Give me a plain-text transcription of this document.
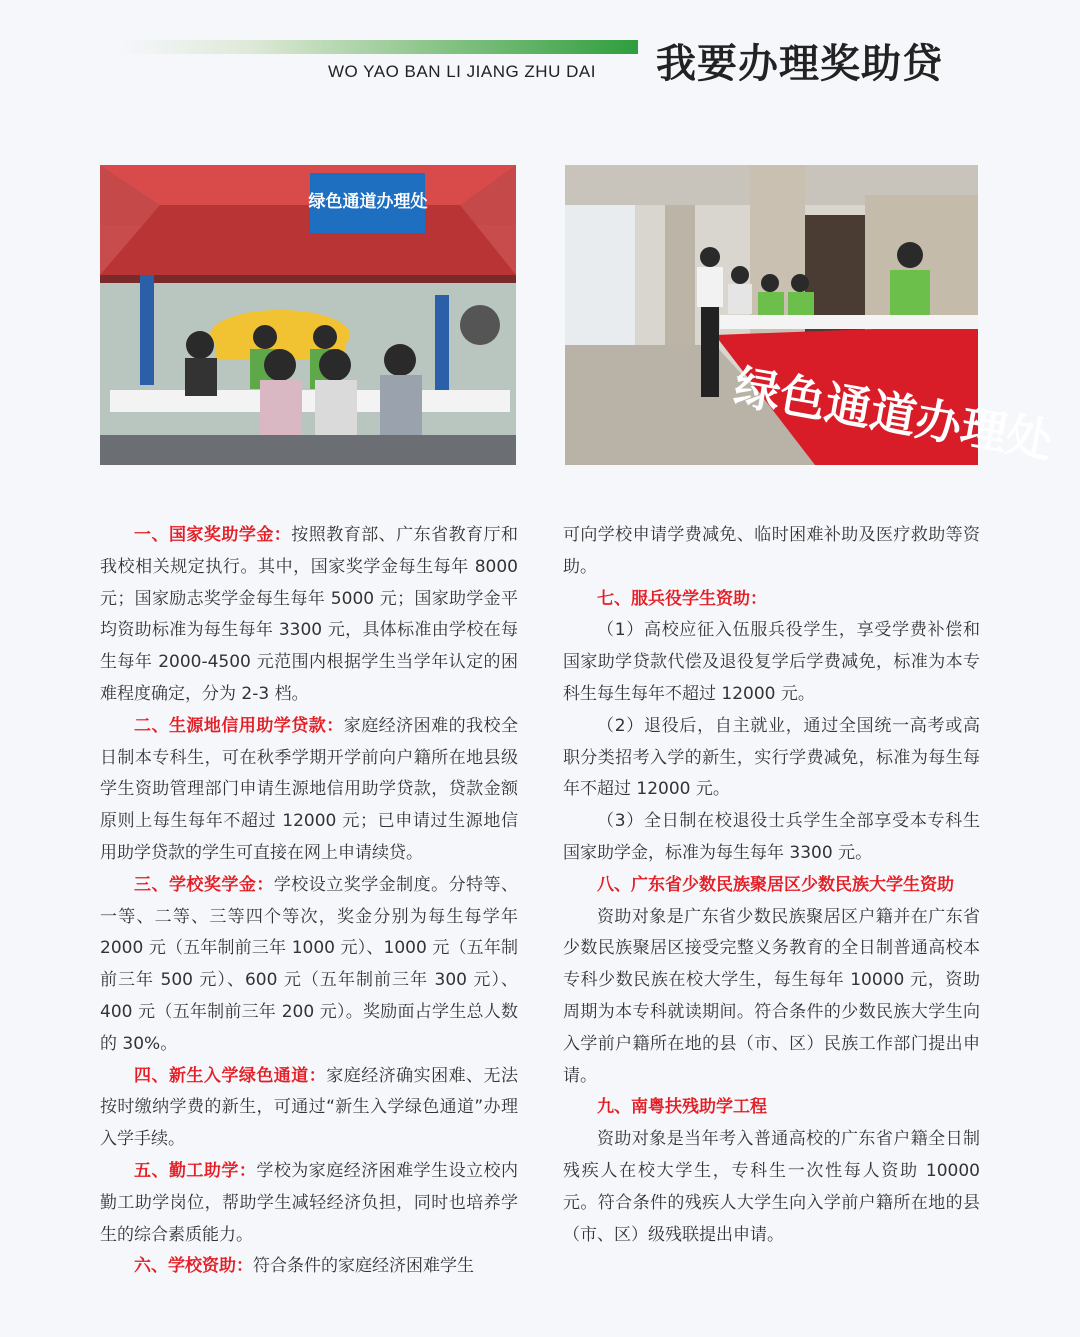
WO YAO BAN LI JIANG ZHU DAI 我要办理奖助贷
绿色通道办理处
绿色通道办理处

一、国家奖助学金：按照教育部、广东省教育厅和我校相关规定执行。其中，国家奖学金每生每年 8000 元；国家励志奖学金每生每年 5000 元；国家助学金平均资助标准为每生每年 3300 元，具体标准由学校在每生每年 2000-4500 元范围内根据学生当学年认定的困难程度确定，分为 2-3 档。

二、生源地信用助学贷款：家庭经济困难的我校全日制本专科生，可在秋季学期开学前向户籍所在地县级学生资助管理部门申请生源地信用助学贷款，贷款金额原则上每生每年不超过 12000 元；已申请过生源地信用助学贷款的学生可直接在网上申请续贷。

三、学校奖学金：学校设立奖学金制度。分特等、一等、二等、三等四个等次，奖金分别为每生每学年 2000 元（五年制前三年 1000 元）、1000 元（五年制前三年 500 元）、600 元（五年制前三年 300 元）、400 元（五年制前三年 200 元）。奖励面占学生总人数的 30%。

四、新生入学绿色通道：家庭经济确实困难、无法按时缴纳学费的新生，可通过“新生入学绿色通道”办理入学手续。

五、勤工助学：学校为家庭经济困难学生设立校内勤工助学岗位，帮助学生减轻经济负担，同时也培养学生的综合素质能力。

六、学校资助：符合条件的家庭经济困难学生

可向学校申请学费减免、临时困难补助及医疗救助等资助。

七、服兵役学生资助：

（1）高校应征入伍服兵役学生，享受学费补偿和国家助学贷款代偿及退役复学后学费减免，标准为本专科生每生每年不超过 12000 元。

（2）退役后，自主就业，通过全国统一高考或高职分类招考入学的新生，实行学费减免，标准为每生每年不超过 12000 元。

（3）全日制在校退役士兵学生全部享受本专科生国家助学金，标准为每生每年 3300 元。

八、广东省少数民族聚居区少数民族大学生资助

资助对象是广东省少数民族聚居区户籍并在广东省少数民族聚居区接受完整义务教育的全日制普通高校本专科少数民族在校大学生，每生每年 10000 元，资助周期为本专科就读期间。符合条件的少数民族大学生向入学前户籍所在地的县（市、区）民族工作部门提出申请。

九、南粤扶残助学工程

资助对象是当年考入普通高校的广东省户籍全日制残疾人在校大学生，专科生一次性每人资助 10000 元。符合条件的残疾人大学生向入学前户籍所在地的县（市、区）级残联提出申请。
